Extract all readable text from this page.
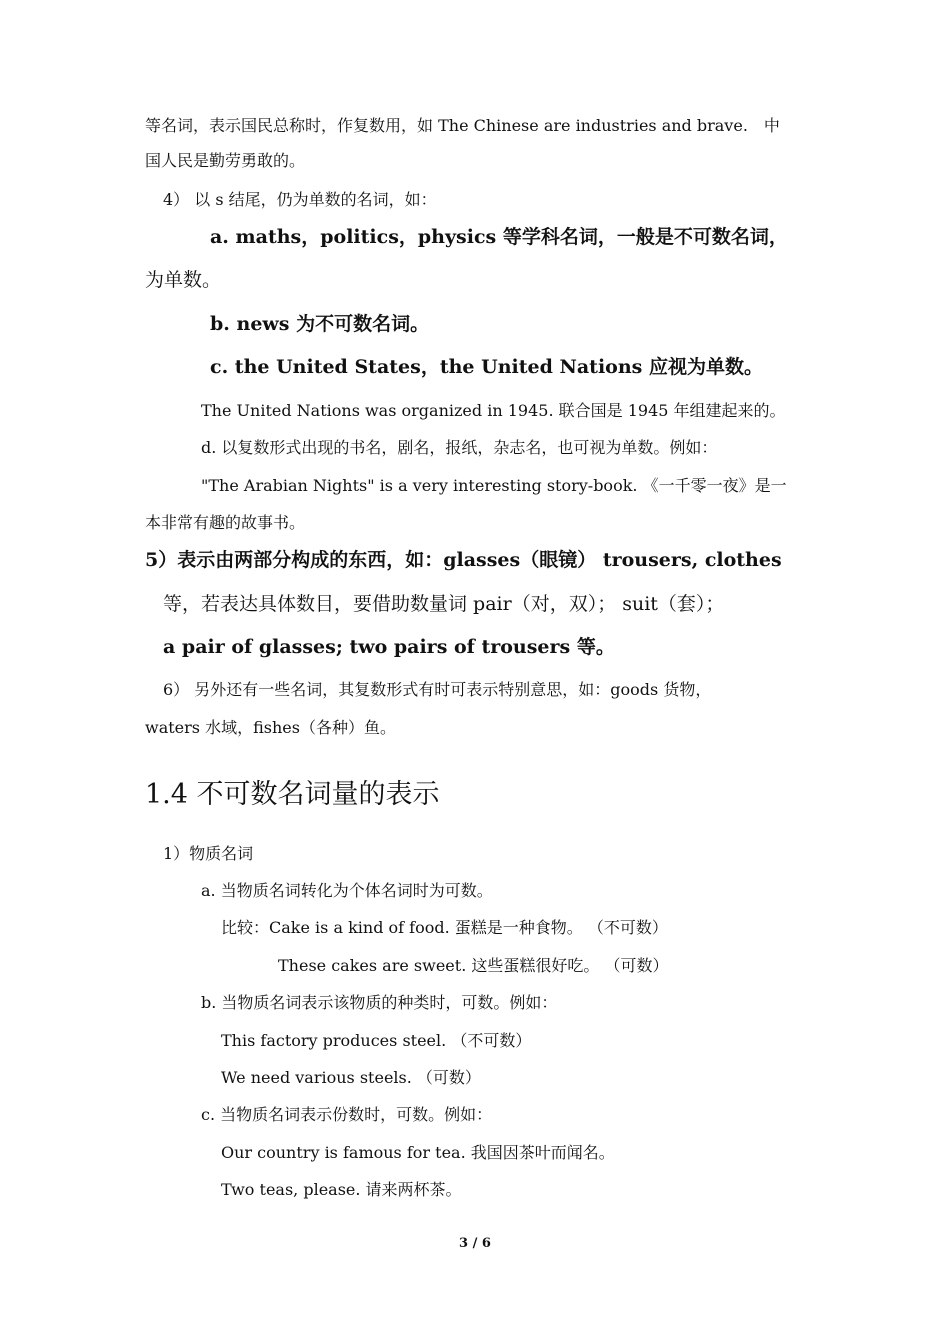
等名词，表示国民总称时，作复数用，如 The Chinese are industries and brave.　中
国人民是勤劳勇敢的。
4） 以 s 结尾，仍为单数的名词，如：
a. maths，politics，physics 等学科名词，一般是不可数名词，
为单数。
b. news 为不可数名词。
c. the United States，the United Nations 应视为单数。
The United Nations was organized in 1945. 联合国是 1945 年组建起来的。
d. 以复数形式出现的书名，剧名，报纸，杂志名，也可视为单数。例如：
"The Arabian Nights" is a very interesting story-book. 《一千零一夜》是一
本非常有趣的故事书。
5）表示由两部分构成的东西，如：glasses（眼镜） trousers, clothes
等，若表达具体数目，要借助数量词 pair（对，双）； suit（套）；
a pair of glasses; two pairs of trousers 等。
6） 另外还有一些名词，其复数形式有时可表示特别意思，如：goods 货物，
waters 水域，fishes（各种）鱼。
1.4 不可数名词量的表示
1）物质名词
a. 当物质名词转化为个体名词时为可数。
比较：Cake is a kind of food. 蛋糕是一种食物。 （不可数）
These cakes are sweet. 这些蛋糕很好吃。 （可数）
b. 当物质名词表示该物质的种类时，可数。例如：
This factory produces steel. （不可数）
We need various steels. （可数）
c. 当物质名词表示份数时，可数。例如：
Our country is famous for tea. 我国因茶叶而闻名。
Two teas, please. 请来两杯茶。
3 / 6
